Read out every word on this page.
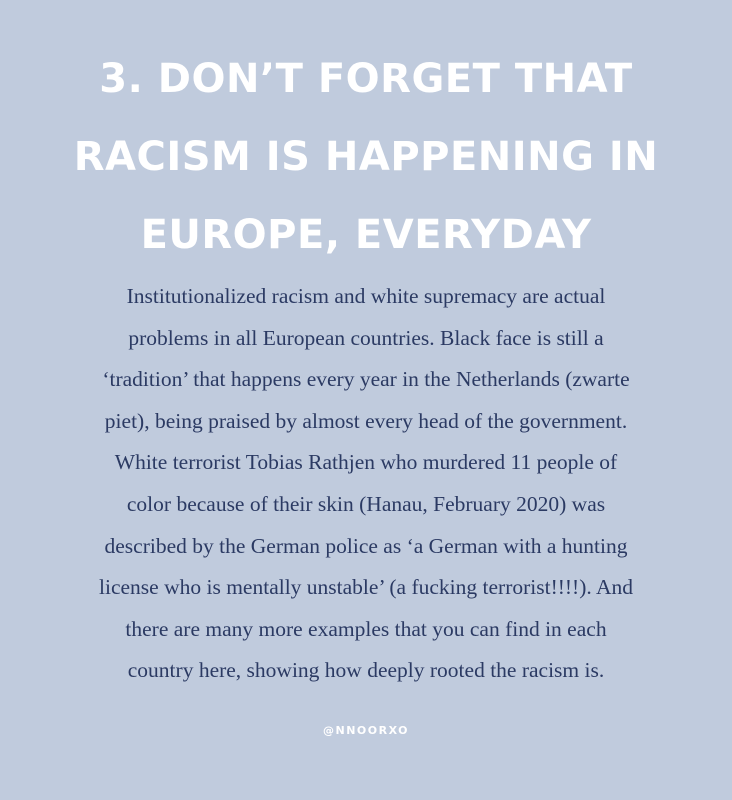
3. DON’T FORGET THAT
RACISM IS HAPPENING IN
EUROPE, EVERYDAY

Institutionalized racism and white supremacy are actual
problems in all European countries. Black face is still a
‘tradition’ that happens every year in the Netherlands (zwarte
piet), being praised by almost every head of the government.
White terrorist Tobias Rathjen who murdered 11 people of
color because of their skin (Hanau, February 2020) was
described by the German police as ‘a German with a hunting
license who is mentally unstable’ (a fucking terrorist!!!!). And
there are many more examples that you can find in each
country here, showing how deeply rooted the racism is.

@NNOORXO
